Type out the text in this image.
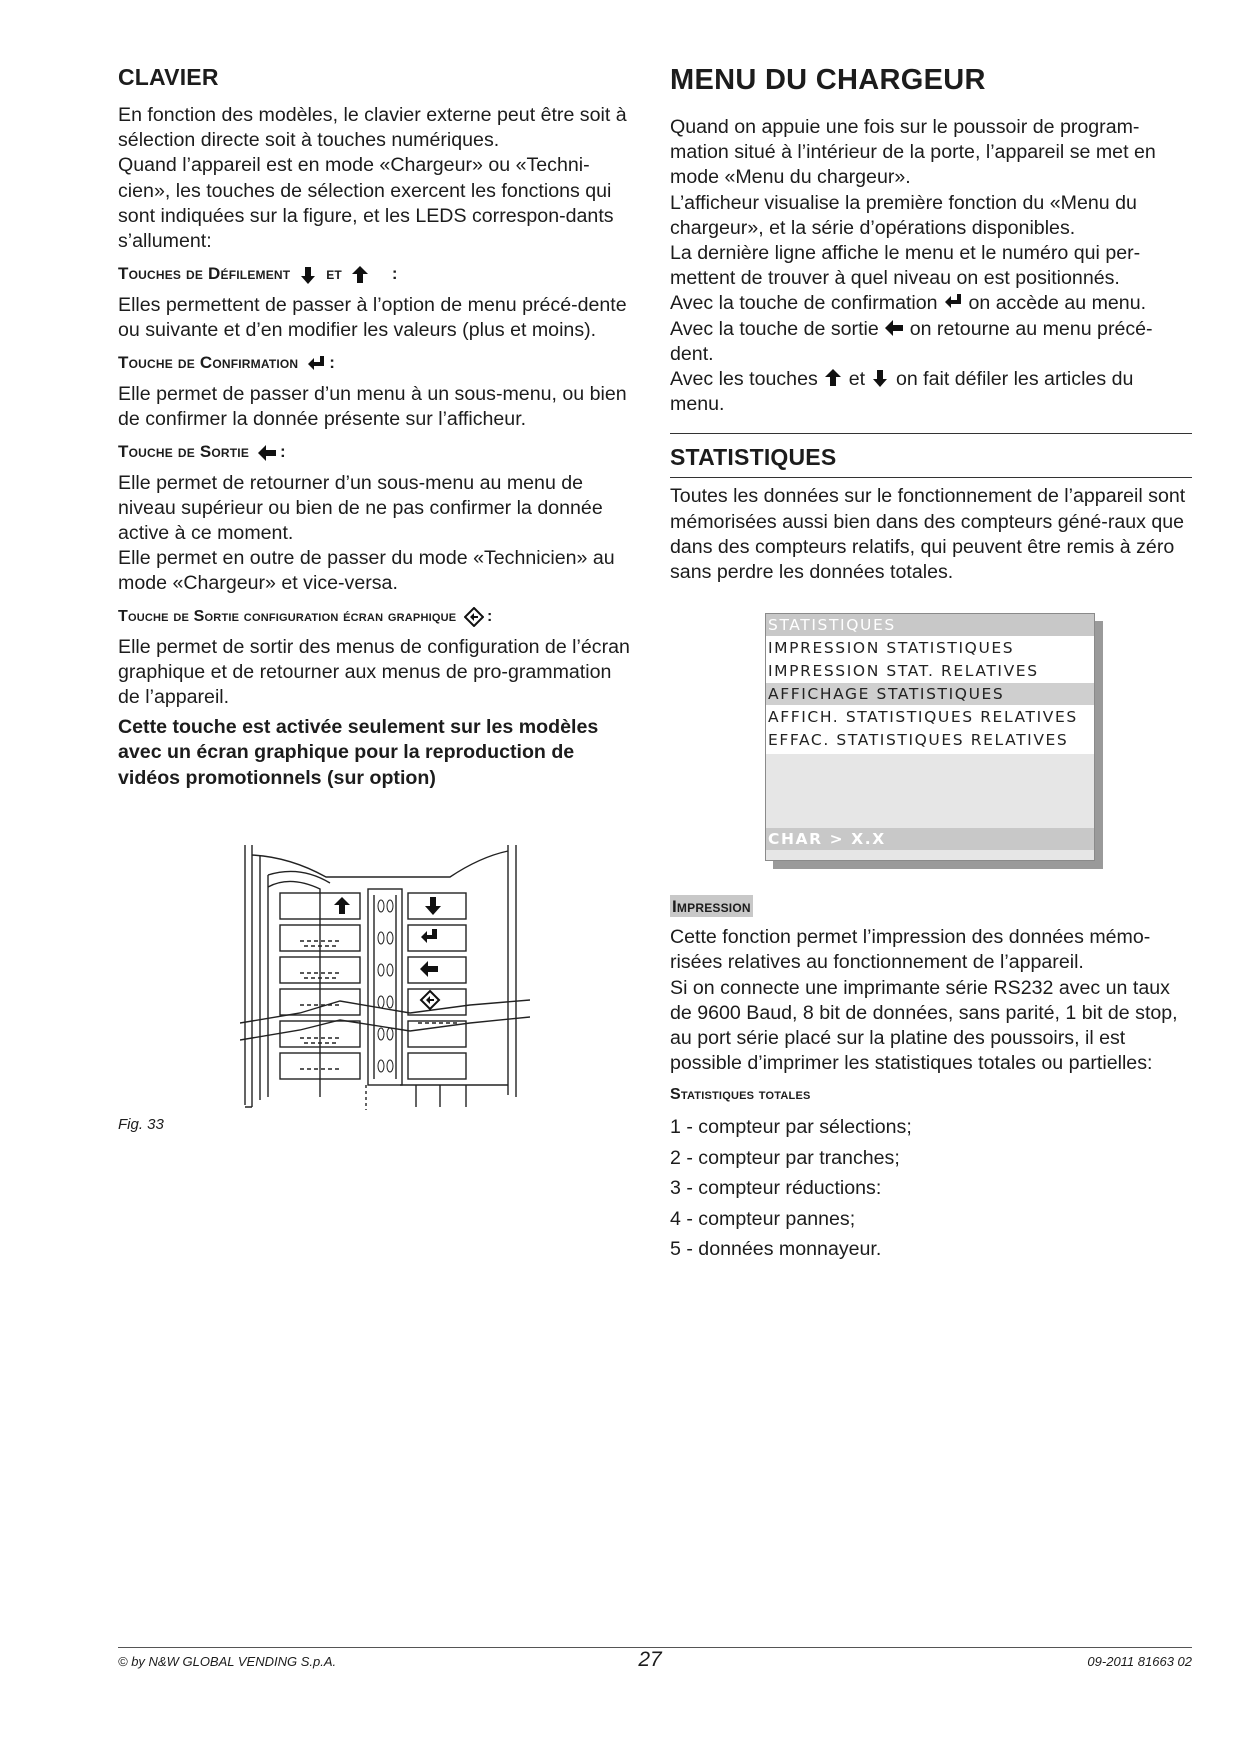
CLAVIER

En fonction des modèles, le clavier externe peut être soit à sélection directe soit à touches numériques.

Quand l’appareil est en mode «Chargeur» ou «Techni-cien», les touches de sélection exercent les fonctions qui sont indiquées sur la figure, et les LEDS correspon-dants s’allument:

Touches de Défilement et	:

Elles permettent de passer à l’option de menu précé-dente ou suivante et d’en modifier les valeurs (plus et moins).

Touche de Confirmation :

Elle permet de passer d’un menu à un sous-menu, ou bien de confirmer la donnée présente sur l’afficheur.

Touche de Sortie :

Elle permet de retourner d’un sous-menu au menu de niveau supérieur ou bien de ne pas confirmer la donnée active à ce moment.

Elle permet en outre de passer du mode «Technicien» au mode «Chargeur» et vice-versa.

Touche de Sortie configuration écran graphique :

Elle permet de sortir des menus de configuration de l’écran graphique et de retourner aux menus de pro-grammation de l’appareil.

Cette touche est activée seulement sur les modèles avec un écran graphique pour la reproduction de vidéos promotionnels (sur option)

Fig. 33
MENU DU CHARGEUR

Quand on appuie une fois sur le poussoir de program-mation situé à l’intérieur de la porte, l’appareil se met en mode «Menu du chargeur».

L’afficheur visualise la première fonction du «Menu du chargeur», et la série d’opérations disponibles.

La dernière ligne affiche le menu et le numéro qui per-mettent de trouver à quel niveau on est positionnés.

Avec la touche de confirmation on accède au menu.

Avec la touche de sortie on retourne au menu précé-dent.

Avec les touches et on fait défiler les articles du menu.

STATISTIQUES

Toutes les données sur le fonctionnement de l’appareil sont mémorisées aussi bien dans des compteurs géné-raux que dans des compteurs relatifs, qui peuvent être remis à zéro sans perdre les données totales.

STATISTIQUES
IMPRESSION STATISTIQUES
IMPRESSION STAT. RELATIVES
AFFICHAGE STATISTIQUES
AFFICH. STATISTIQUES RELATIVES
EFFAC. STATISTIQUES RELATIVES
CHAR > X.X
Impression

Cette fonction permet l’impression des données mémo-risées relatives au fonctionnement de l’appareil.

Si on connecte une imprimante série RS232 avec un taux de 9600 Baud, 8 bit de données, sans parité, 1 bit de stop, au port série placé sur la platine des poussoirs, il est possible d’imprimer les statistiques totales ou partielles:

Statistiques totales
1 - compteur par sélections;
2 - compteur par tranches;
3 - compteur réductions:
4 - compteur pannes;
5 - données monnayeur.
© by N&W GLOBAL VENDING S.p.A.	27	09-2011 81663 02
